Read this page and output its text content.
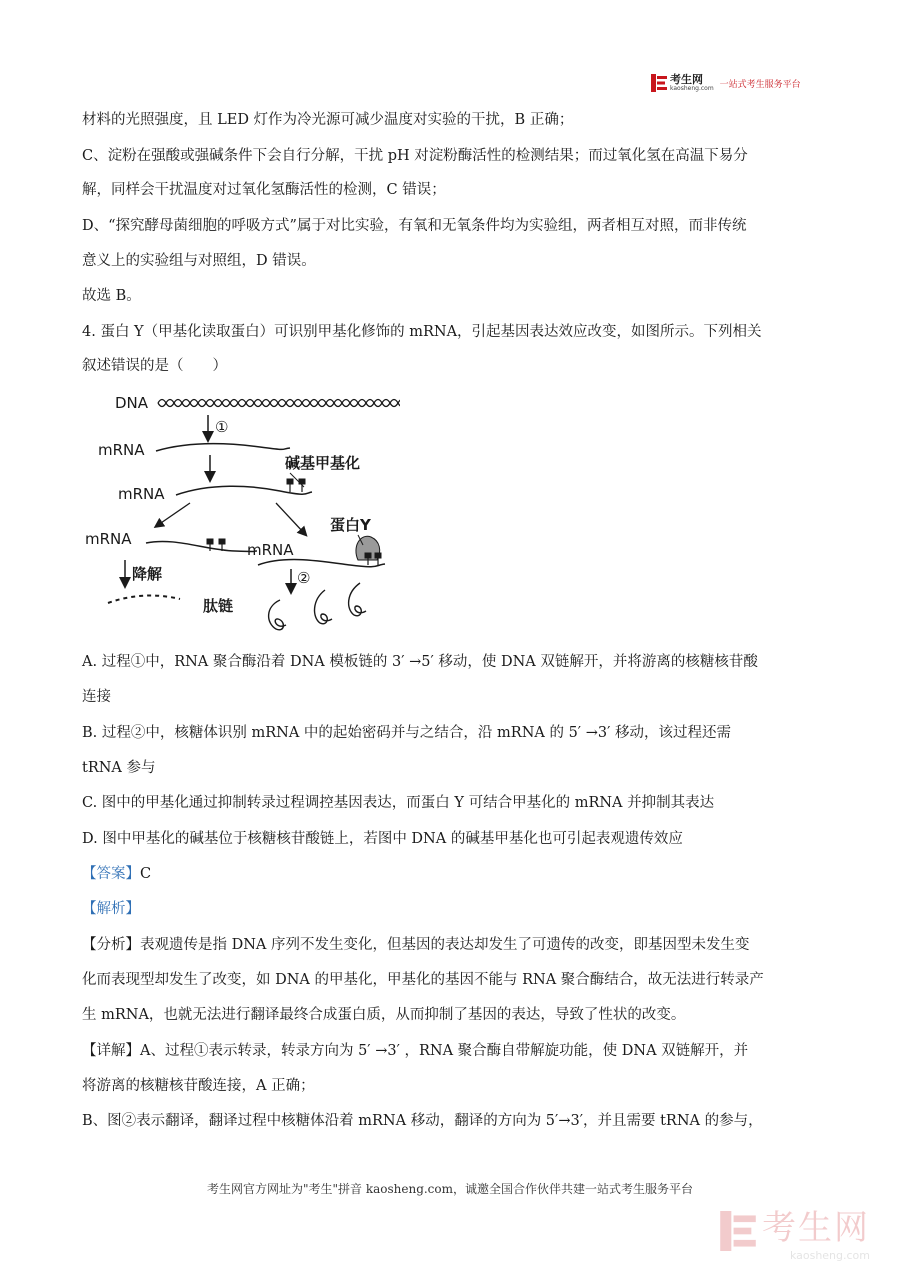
考生网
kaosheng.com 一站式考生服务平台
材料的光照强度，且 LED 灯作为冷光源可减少温度对实验的干扰，B 正确；
C、淀粉在强酸或强碱条件下会自行分解，干扰 pH 对淀粉酶活性的检测结果；而过氧化氢在高温下易分
解，同样会干扰温度对过氧化氢酶活性的检测，C 错误；
D、“探究酵母菌细胞的呼吸方式”属于对比实验，有氧和无氧条件均为实验组，两者相互对照，而非传统
意义上的实验组与对照组，D 错误。
故选 B。
4. 蛋白 Y（甲基化读取蛋白）可识别甲基化修饰的 mRNA，引起基因表达效应改变，如图所示。下列相关
叙述错误的是（　　）
DNA
①
mRNA
碱基甲基化
mRNA
蛋白Y
mRNA
mRNA
降解	②
肽链
A. 过程①中，RNA 聚合酶沿着 DNA 模板链的 3′ →5′ 移动，使 DNA 双链解开，并将游离的核糖核苷酸
连接
B. 过程②中，核糖体识别 mRNA 中的起始密码并与之结合，沿 mRNA 的 5′ →3′ 移动，该过程还需
tRNA 参与
C. 图中的甲基化通过抑制转录过程调控基因表达，而蛋白 Y 可结合甲基化的 mRNA 并抑制其表达
D. 图中甲基化的碱基位于核糖核苷酸链上，若图中 DNA 的碱基甲基化也可引起表观遗传效应
【答案】C
【解析】
【分析】表观遗传是指 DNA 序列不发生变化，但基因的表达却发生了可遗传的改变，即基因型未发生变
化而表现型却发生了改变，如 DNA 的甲基化，甲基化的基因不能与 RNA 聚合酶结合，故无法进行转录产
生 mRNA，也就无法进行翻译最终合成蛋白质，从而抑制了基因的表达，导致了性状的改变。
【详解】A、过程①表示转录，转录方向为 5′ →3′ ，RNA 聚合酶自带解旋功能，使 DNA 双链解开，并
将游离的核糖核苷酸连接，A 正确；
B、图②表示翻译，翻译过程中核糖体沿着 mRNA 移动，翻译的方向为 5′→3′，并且需要 tRNA 的参与，
考生网官方网址为"考生"拼音 kaosheng.com，诚邀全国合作伙伴共建一站式考生服务平台
考生网
kaosheng.com
